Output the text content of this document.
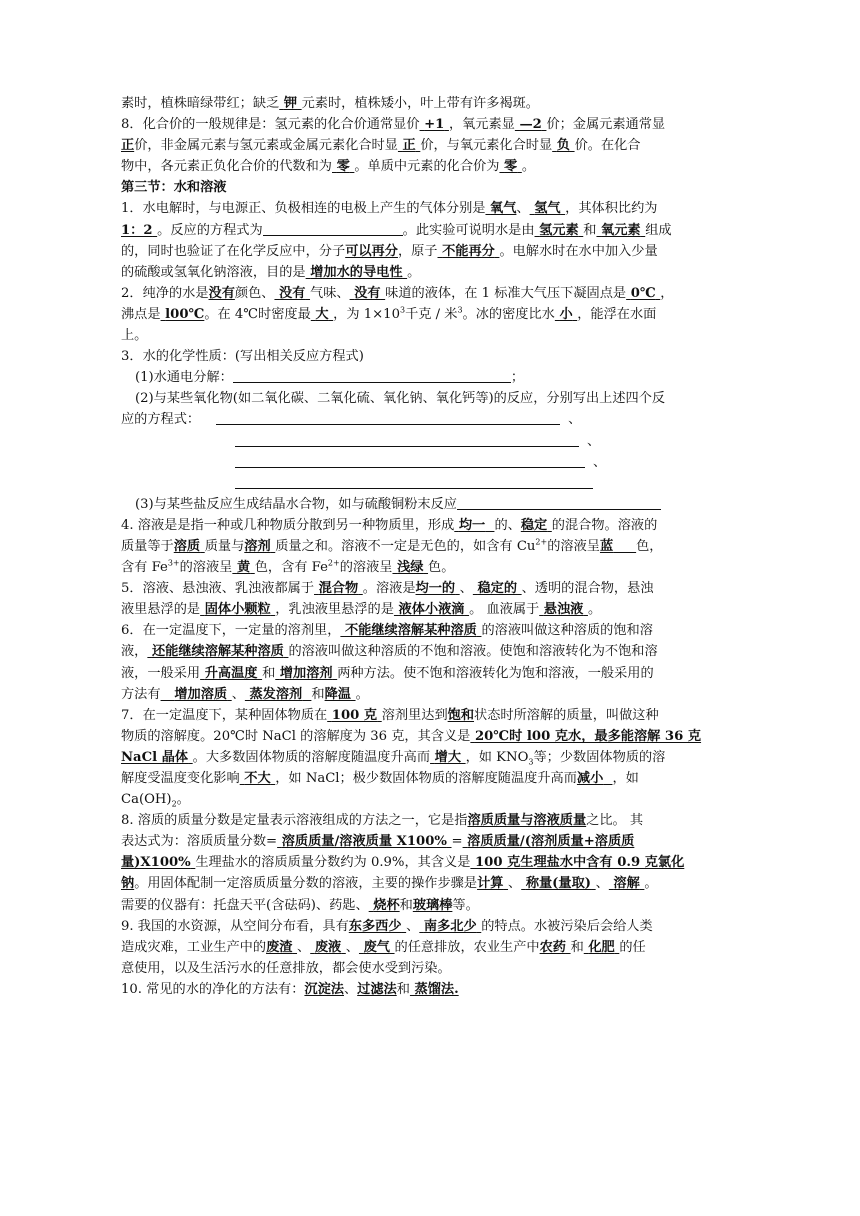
素时，植株暗绿带红；缺乏 钾 元素时，植株矮小，叶上带有许多褐斑。
8．化合价的一般规律是：氢元素的化合价通常显价 +1 ，氧元素显 —2 价；金属元素通常显
正价，非金属元素与氢元素或金属元素化合时显 正 价，与氧元素化合时显 负 价。在化合
物中，各元素正负化合价的代数和为 零 。单质中元素的化合价为 零 。
第三节：水和溶液
1．水电解时，与电源正、负极相连的电极上产生的气体分别是 氧气、 氢气 ，其体积比约为
1：2 。反应的方程式为	。此实验可说明水是由 氢元素 和 氧元素 组成
的，同时也验证了在化学反应中，分子可以再分，原子 不能再分 。电解水时在水中加入少量
的硫酸或氢氧化钠溶液，目的是 增加水的导电性 。
2．纯净的水是没有颜色、 没有 气味、 没有 味道的液体，在 1 标准大气压下凝固点是 0℃ ，
沸点是 l00℃。在 4℃时密度最 大 ，为 $1\times 10^3$千克 / 米$^3$。冰的密度比水 小 ，能浮在水面
上。
3．水的化学性质：(写出相关反应方程式)
(1)水通电分解：	；
(2)与某些氧化物(如二氧化碳、二氧化硫、氧化钠、氧化钙等)的反应，分别写出上述四个反
应的方程式：	、
、
、
(3)与某些盐反应生成结晶水合物，如与硫酸铜粉末反应
4. 溶液是是指一种或几种物质分散到另一种物质里，形成 均一 的、稳定 的混合物。溶液的
质量等于溶质 质量与溶剂 质量之和。溶液不一定是无色的，如含有 $Cu^{2+}$的溶液呈蓝 色，
含有 $Fe^{3+}$的溶液呈 黄 色，含有 $Fe^{2+}$的溶液呈 浅绿 色。
5．溶液、悬浊液、乳浊液都属于 混合物 。溶液是均一的 、 稳定的 、透明的混合物，悬浊
液里悬浮的是 固体小颗粒 ，乳浊液里悬浮的是 液体小液滴 。 血液属于 悬浊液 。
6．在一定温度下，一定量的溶剂里， 不能继续溶解某种溶质 的溶液叫做这种溶质的饱和溶
液， 还能继续溶解某种溶质 的溶液叫做这种溶质的不饱和溶液。使饱和溶液转化为不饱和溶
液，一般采用 升高温度 和 增加溶剂 两种方法。使不饱和溶液转化为饱和溶液，一般采用的
方法有 增加溶质 、 蒸发溶剂 和降温 。
7．在一定温度下，某种固体物质在 100 克 溶剂里达到饱和状态时所溶解的质量，叫做这种
物质的溶解度。20℃时 NaCl 的溶解度为 36 克，其含义是 20℃时 l00 克水，最多能溶解 36 克
NaCl 晶体 。大多数固体物质的溶解度随温度升高而 增大 ，如 $KNO_3$等；少数固体物质的溶
解度受温度变化影响 不大 ，如 NaCl；极少数固体物质的溶解度随温度升高而减小 ，如
$Ca(OH)_2$。
8. 溶质的质量分数是定量表示溶液组成的方法之一，它是指溶质质量与溶液质量之比。 其
表达式为：溶质质量分数= 溶质质量/溶液质量 X100% = 溶质质量/(溶剂质量+溶质质
量)X100% 生理盐水的溶质质量分数约为 0.9%，其含义是 100 克生理盐水中含有 0.9 克氯化
钠。用固体配制一定溶质质量分数的溶液，主要的操作步骤是计算 、 称量(量取) 、 溶解 。
需要的仪器有：托盘天平(含砝码)、药匙、 烧杯和玻璃棒等。
9. 我国的水资源，从空间分布看，具有东多西少 、 南多北少 的特点。水被污染后会给人类
造成灾难，工业生产中的废渣 、 废液 、 废气 的任意排放，农业生产中农药 和 化肥 的任
意使用，以及生活污水的任意排放，都会使水受到污染。
10. 常见的水的净化的方法有：沉淀法、过滤法和 蒸馏法.
